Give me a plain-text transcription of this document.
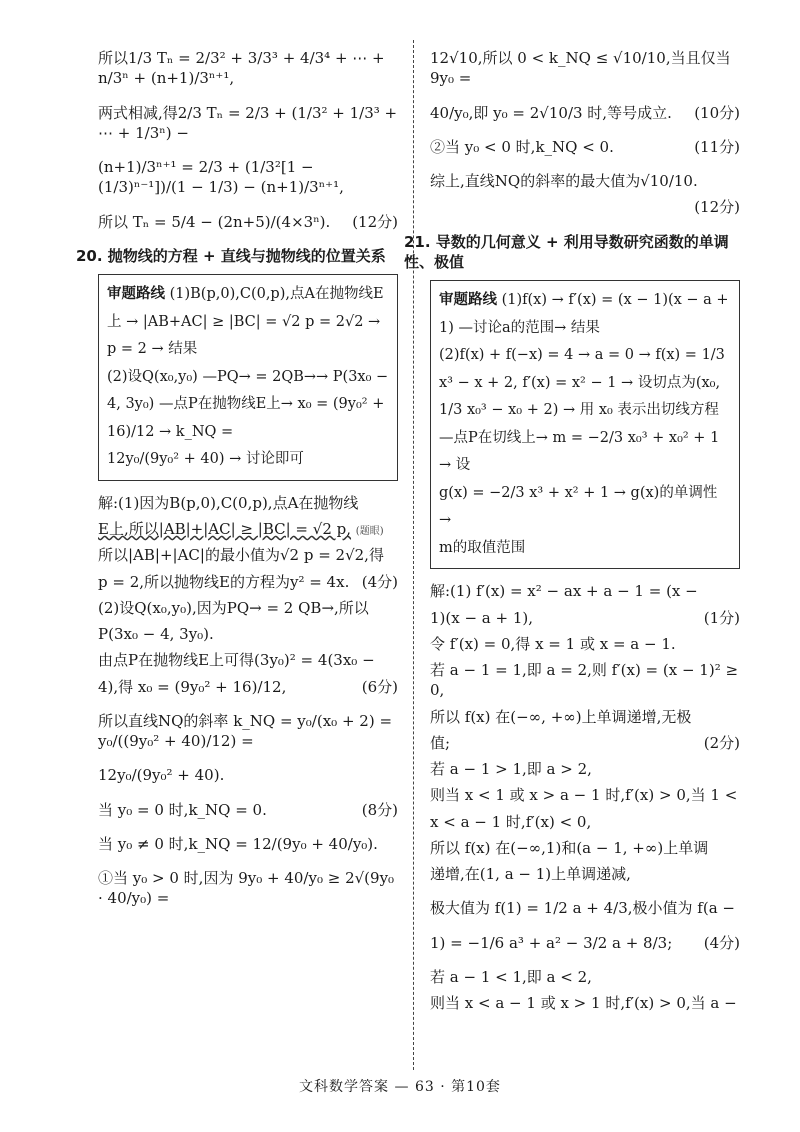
所以1/3 Tₙ = 2/3² + 3/3³ + 4/3⁴ + ⋯ + n/3ⁿ + (n+1)/3ⁿ⁺¹,
两式相减,得2/3 Tₙ = 2/3 + (1/3² + 1/3³ + ⋯ + 1/3ⁿ) −
(n+1)/3ⁿ⁺¹ = 2/3 + (1/3²[1 − (1/3)ⁿ⁻¹])/(1 − 1/3) − (n+1)/3ⁿ⁺¹,
所以 Tₙ = 5/4 − (2n+5)/(4×3ⁿ). (12分)
20. 抛物线的方程 + 直线与抛物线的位置关系
审题路线 (1)B(p,0),C(0,p),点A在抛物线E上 → |AB+AC| ≥ |BC| = √2 p = 2√2 → p = 2 → 结果
(2)设Q(x₀,y₀) —PQ→ = 2QB→→ P(3x₀ − 4, 3y₀) —点P在抛物线E上→ x₀ = (9y₀² + 16)/12 → k_NQ =
12y₀/(9y₀² + 40) → 讨论即可
解:(1)因为B(p,0),C(0,p),点A在抛物线
E上,所以|AB|+|AC| ≥ |BC| = √2 p, (题眼)
所以|AB|+|AC|的最小值为√2 p = 2√2,得
p = 2,所以抛物线E的方程为y² = 4x. (4分)
(2)设Q(x₀,y₀),因为PQ→ = 2 QB→,所以
P(3x₀ − 4, 3y₀).
由点P在抛物线E上可得(3y₀)² = 4(3x₀ −
4),得 x₀ = (9y₀² + 16)/12,	(6分)
所以直线NQ的斜率 k_NQ = y₀/(x₀ + 2) = y₀/((9y₀² + 40)/12) =
12y₀/(9y₀² + 40).
当 y₀ = 0 时,k_NQ = 0.	(8分)
当 y₀ ≠ 0 时,k_NQ = 12/(9y₀ + 40/y₀).
①当 y₀ > 0 时,因为 9y₀ + 40/y₀ ≥ 2√(9y₀ · 40/y₀) =
12√10,所以 0 < k_NQ ≤ √10/10,当且仅当 9y₀ =
40/y₀,即 y₀ = 2√10/3 时,等号成立. (10分)
②当 y₀ < 0 时,k_NQ < 0.	(11分)
综上,直线NQ的斜率的最大值为√10/10.
(12分)
21. 导数的几何意义 + 利用导数研究函数的单调性、极值
审题路线 (1)f(x) → f′(x) = (x − 1)(x − a + 1) —讨论a的范围→ 结果
(2)f(x) + f(−x) = 4 → a = 0 → f(x) = 1/3 x³ − x + 2, f′(x) = x² − 1 → 设切点为(x₀, 1/3 x₀³ − x₀ + 2) → 用 x₀ 表示出切线方程
—点P在切线上→ m = −2/3 x₀³ + x₀² + 1 → 设
g(x) = −2/3 x³ + x² + 1 → g(x)的单调性 →
m的取值范围
解:(1) f′(x) = x² − ax + a − 1 = (x −
1)(x − a + 1),	(1分)
令 f′(x) = 0,得 x = 1 或 x = a − 1.
若 a − 1 = 1,即 a = 2,则 f′(x) = (x − 1)² ≥ 0,
所以 f(x) 在(−∞, +∞)上单调递增,无极
值;	(2分)
若 a − 1 > 1,即 a > 2,
则当 x < 1 或 x > a − 1 时,f′(x) > 0,当 1 <
x < a − 1 时,f′(x) < 0,
所以 f(x) 在(−∞,1)和(a − 1, +∞)上单调
递增,在(1, a − 1)上单调递减,
极大值为 f(1) = 1/2 a + 4/3,极小值为 f(a −
1) = −1/6 a³ + a² − 3/2 a + 8/3; (4分)
若 a − 1 < 1,即 a < 2,
则当 x < a − 1 或 x > 1 时,f′(x) > 0,当 a −
文科数学答案 — 63 · 第10套
